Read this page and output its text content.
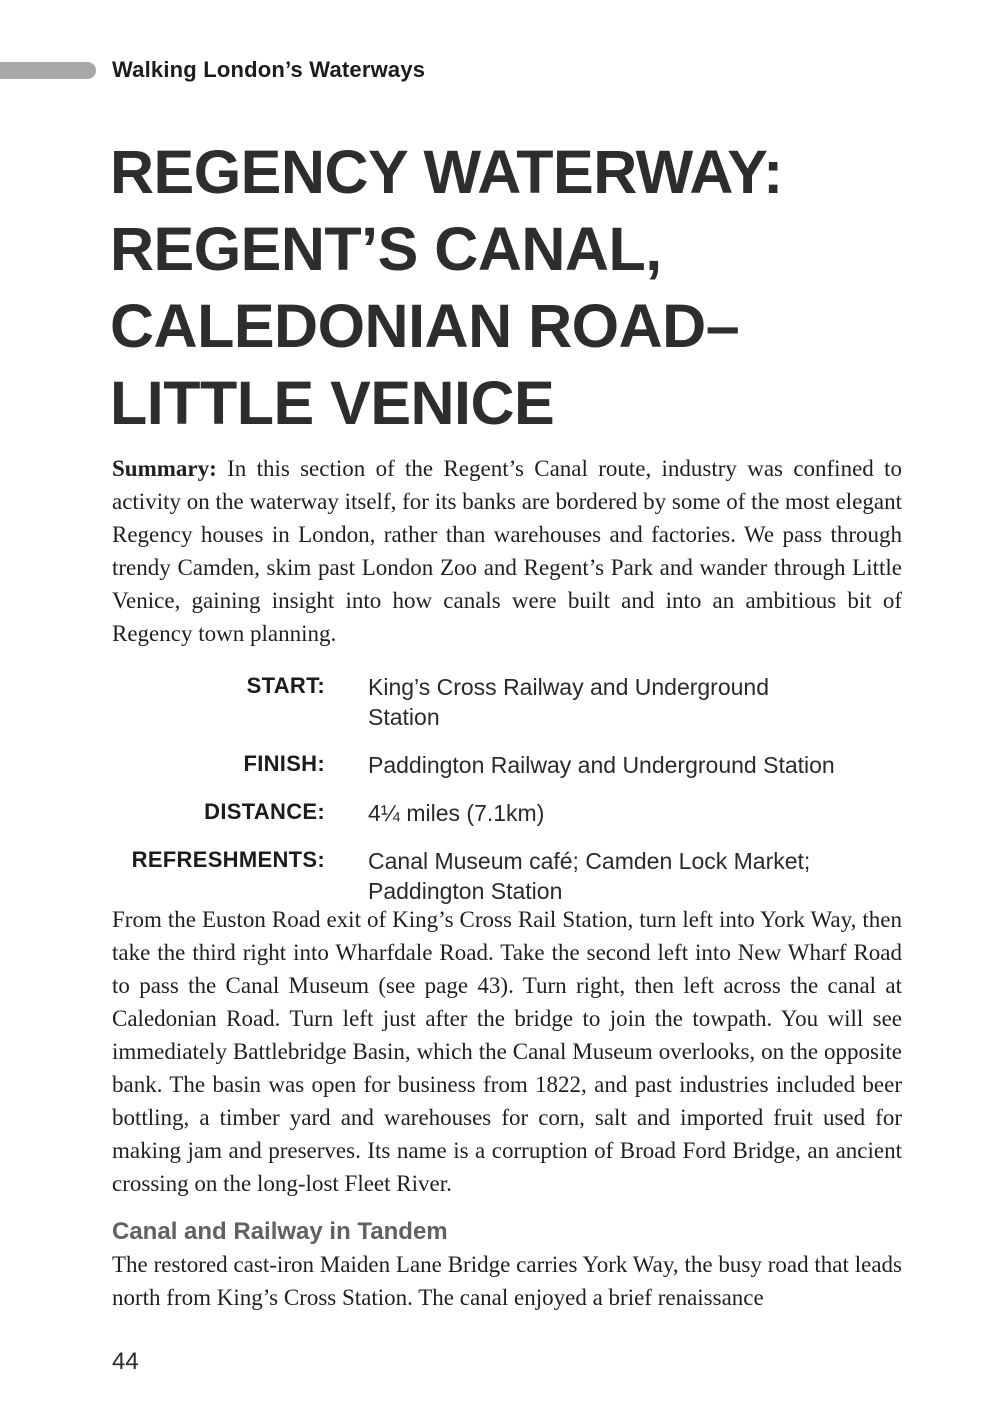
Walking London’s Waterways
REGENCY WATERWAY:
REGENT’S CANAL,
CALEDONIAN ROAD–
LITTLE VENICE

Summary: In this section of the Regent’s Canal route, industry was confined to activity on the waterway itself, for its banks are bordered by some of the most elegant Regency houses in London, rather than warehouses and factories. We pass through trendy Camden, skim past London Zoo and Regent’s Park and wander through Little Venice, gaining insight into how canals were built and into an ambitious bit of Regency town planning.

START: King’s Cross Railway and Underground Station
FINISH: Paddington Railway and Underground Station
DISTANCE: 4¼ miles (7.1km)
REFRESHMENTS: Canal Museum café; Camden Lock Market; Paddington Station

From the Euston Road exit of King’s Cross Rail Station, turn left into York Way, then take the third right into Wharfdale Road. Take the second left into New Wharf Road to pass the Canal Museum (see page 43). Turn right, then left across the canal at Caledonian Road. Turn left just after the bridge to join the towpath. You will see immediately Battlebridge Basin, which the Canal Museum overlooks, on the opposite bank. The basin was open for business from 1822, and past industries included beer bottling, a timber yard and warehouses for corn, salt and imported fruit used for making jam and preserves. Its name is a corruption of Broad Ford Bridge, an ancient crossing on the long-lost Fleet River.

Canal and Railway in Tandem

The restored cast-iron Maiden Lane Bridge carries York Way, the busy road that leads north from King’s Cross Station. The canal enjoyed a brief renaissance

44
